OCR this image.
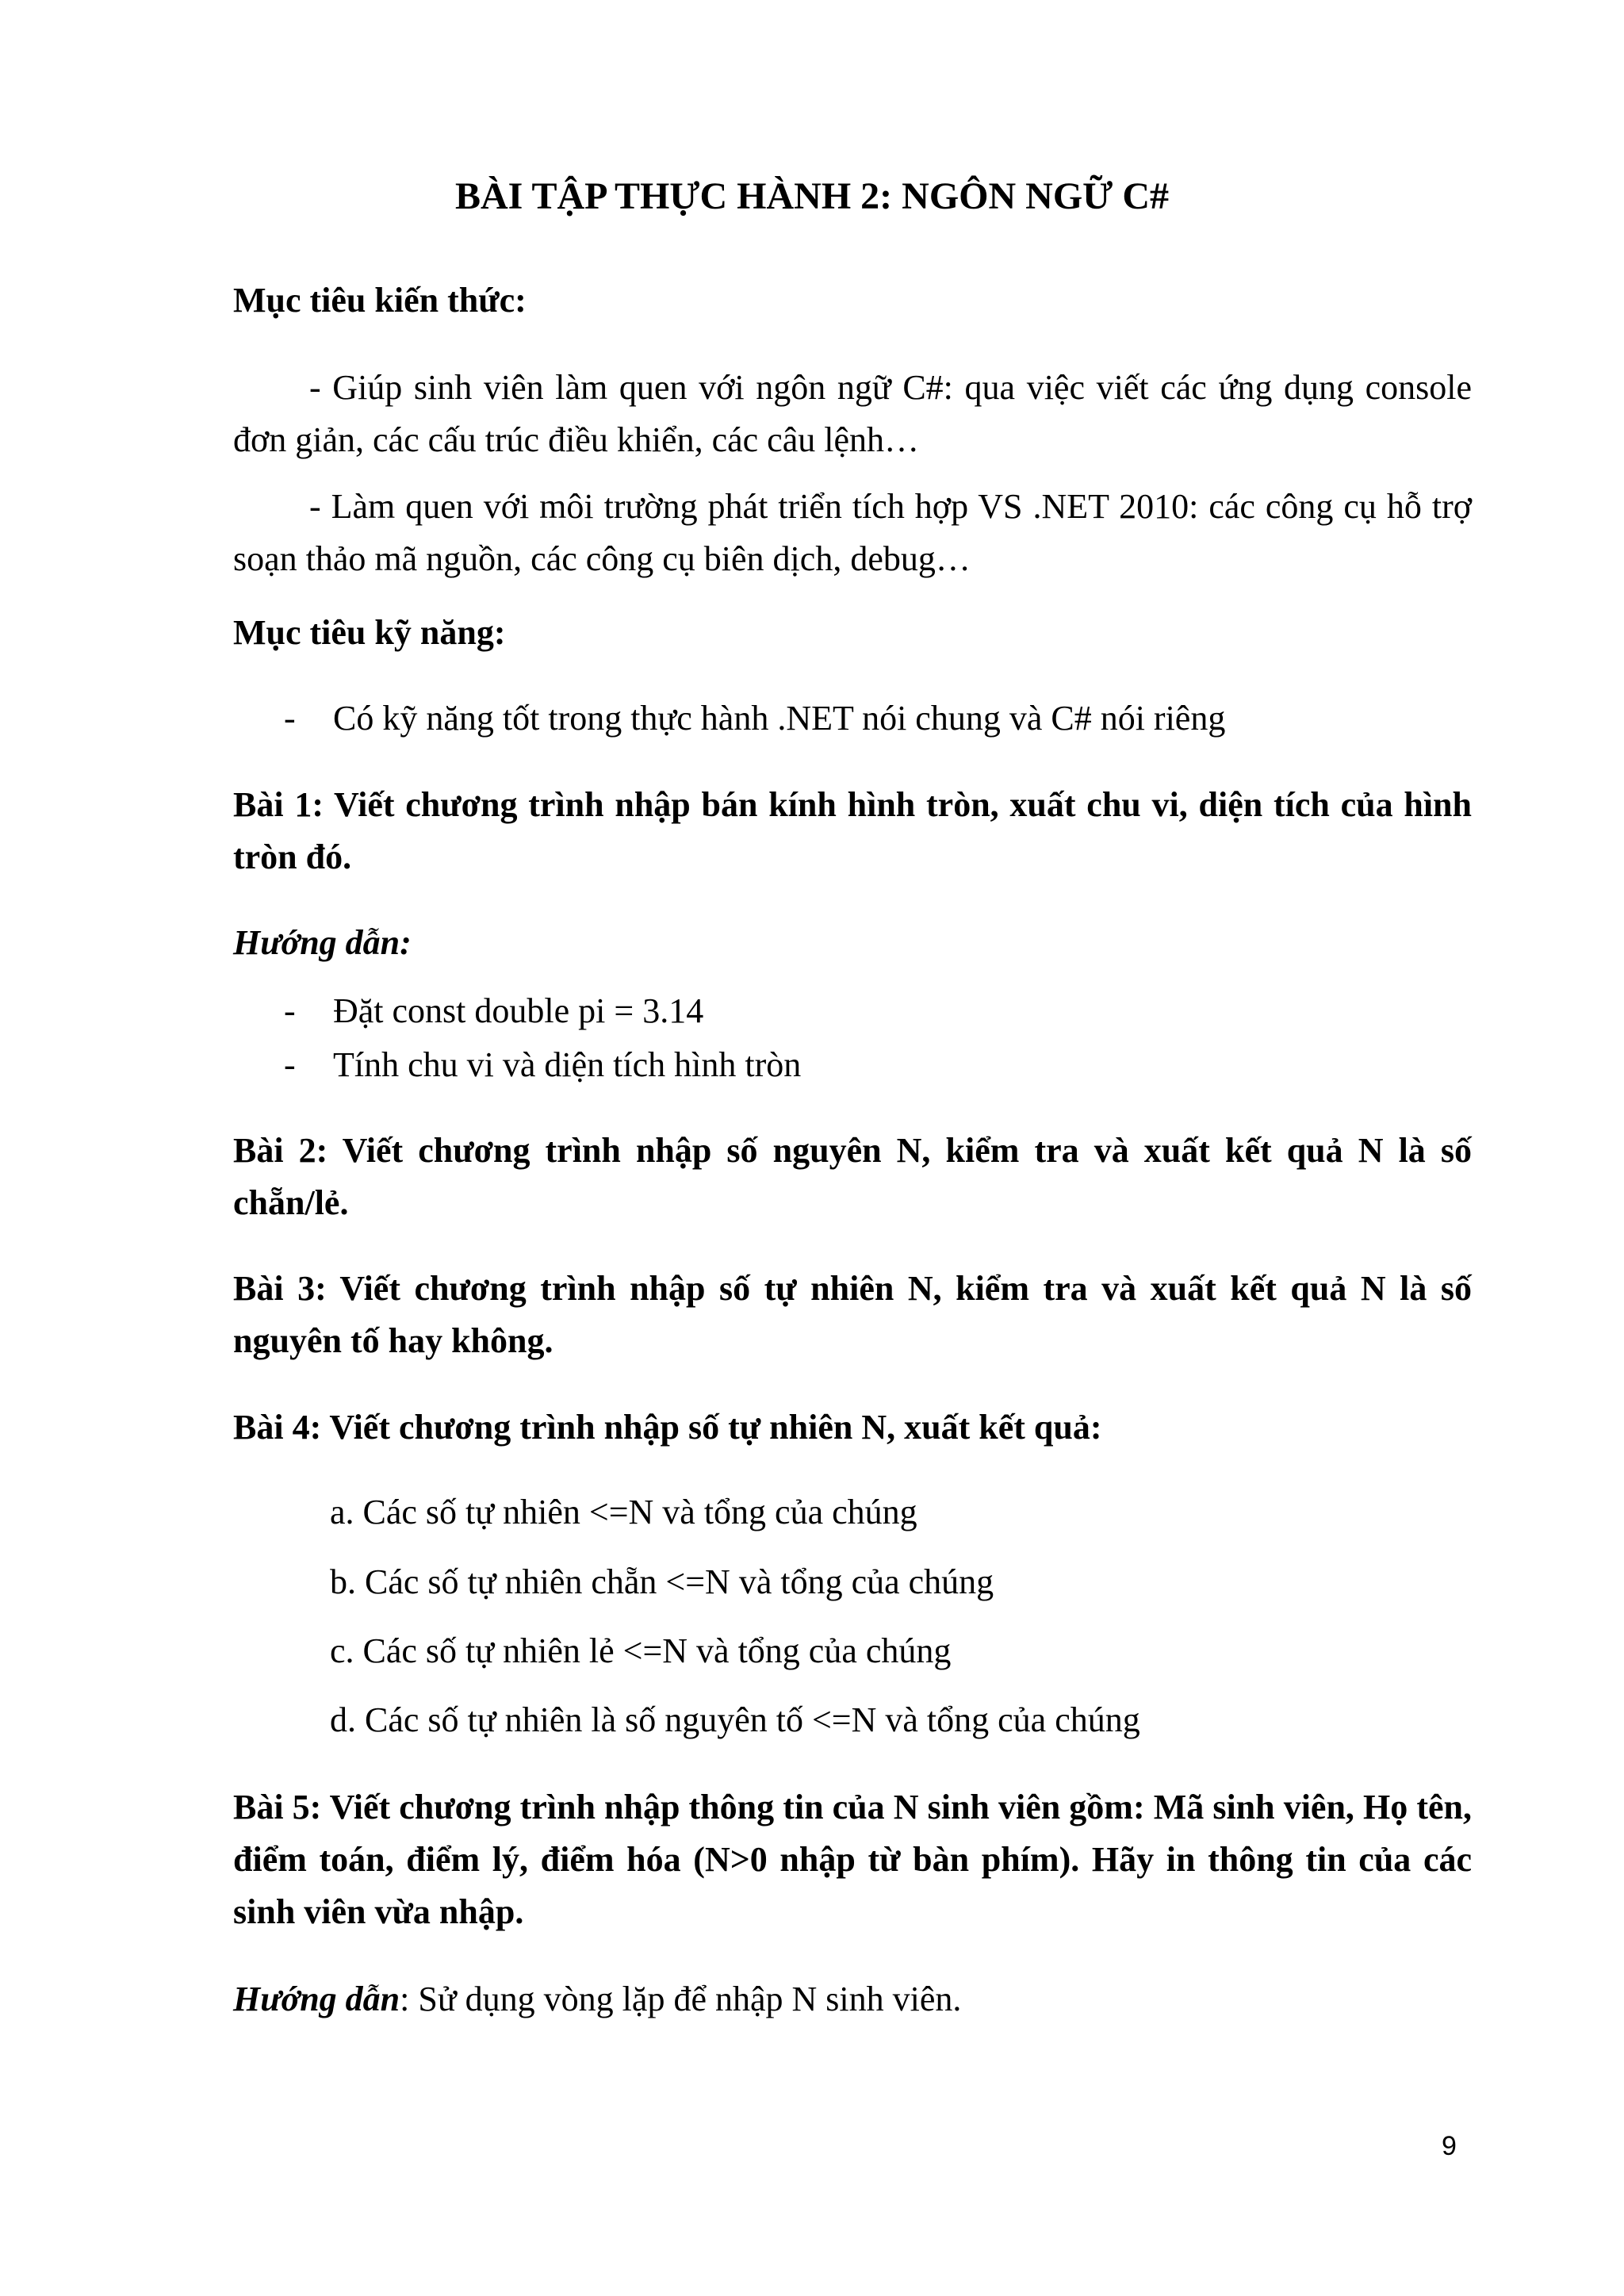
BÀI TẬP THỰC HÀNH 2: NGÔN NGỮ C#

Mục tiêu kiến thức:

- Giúp sinh viên làm quen với ngôn ngữ C#: qua việc viết các ứng dụng console đơn giản, các cấu trúc điều khiển, các câu lệnh…

- Làm quen với môi trường phát triển tích hợp VS .NET 2010: các công cụ hỗ trợ soạn thảo mã nguồn, các công cụ biên dịch, debug…

Mục tiêu kỹ năng:

- Có kỹ năng tốt trong thực hành .NET nói chung và C# nói riêng

Bài 1: Viết chương trình nhập bán kính hình tròn, xuất chu vi, diện tích của hình tròn đó.

Hướng dẫn:

- Đặt const double pi = 3.14
- Tính chu vi và diện tích hình tròn

Bài 2: Viết chương trình nhập số nguyên N, kiểm tra và xuất kết quả N là số chẵn/lẻ.

Bài 3: Viết chương trình nhập số tự nhiên N, kiểm tra và xuất kết quả N là số nguyên tố hay không.

Bài 4: Viết chương trình nhập số tự nhiên N, xuất kết quả:

a. Các số tự nhiên <=N và tổng của chúng

b. Các số tự nhiên chẵn <=N và tổng của chúng

c. Các số tự nhiên lẻ <=N và tổng của chúng

d. Các số tự nhiên là số nguyên tố <=N và tổng của chúng

Bài 5: Viết chương trình nhập thông tin của N sinh viên gồm: Mã sinh viên, Họ tên, điểm toán, điểm lý, điểm hóa (N>0 nhập từ bàn phím). Hãy in thông tin của các sinh viên vừa nhập.

Hướng dẫn: Sử dụng vòng lặp để nhập N sinh viên.

9
